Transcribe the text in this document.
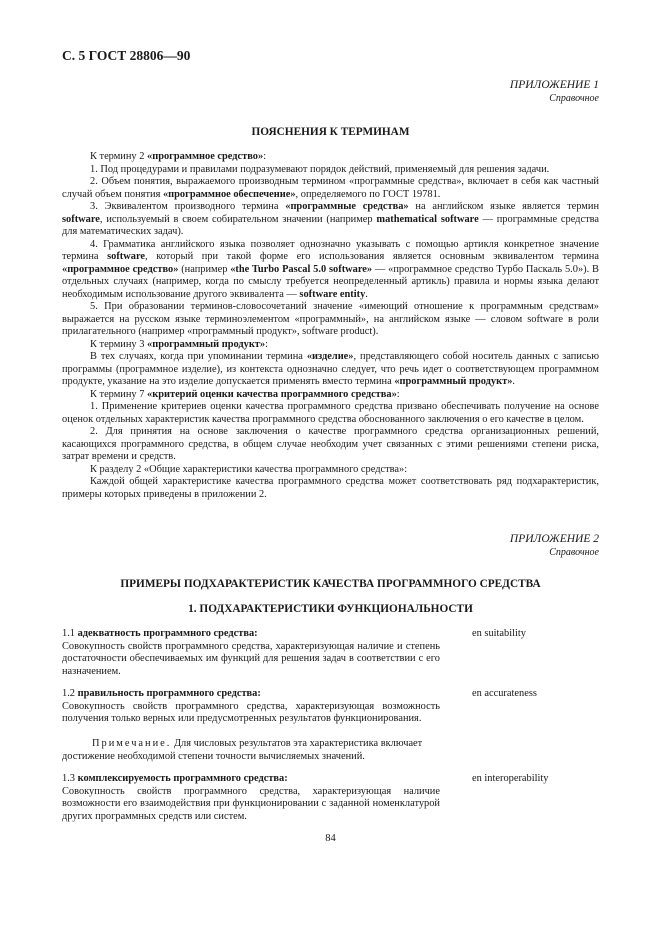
С. 5 ГОСТ 28806—90
ПРИЛОЖЕНИЕ 1
Справочное
ПОЯСНЕНИЯ К ТЕРМИНАМ

К термину 2 «программное средство»:

1. Под процедурами и правилами подразумевают порядок действий, применяемый для решения задачи.

2. Объем понятия, выражаемого производным термином «программные средства», включает в себя как частный случай объем понятия «программное обеспечение», определяемого по ГОСТ 19781.

3. Эквивалентом производного термина «программные средства» на английском языке является термин software, используемый в своем собирательном значении (например mathematical software — программные средства для математических задач).

4. Грамматика английского языка позволяет однозначно указывать с помощью артикля конкретное значение термина software, который при такой форме его использования является основным эквивалентом термина «программное средство» (например «the Turbo Pascal 5.0 software» — «программное средство Турбо Паскаль 5.0»). В отдельных случаях (например, когда по смыслу требуется неопределенный артикль) правила и нормы языка делают необходимым использование другого эквивалента — software entity.

5. При образовании терминов-словосочетаний значение «имеющий отношение к программным средствам» выражается на русском языке терминоэлементом «программный», на английском языке — словом software в роли прилагательного (например «программный продукт», software product).

К термину 3 «программный продукт»:

В тех случаях, когда при упоминании термина «изделие», представляющего собой носитель данных с записью программы (программное изделие), из контекста однозначно следует, что речь идет о соответствующем программном продукте, указание на это изделие допускается применять вместо термина «программный продукт».

К термину 7 «критерий оценки качества программного средства»:

1. Применение критериев оценки качества программного средства призвано обеспечивать получение на основе оценок отдельных характеристик качества программного средства обоснованного заключения о его качестве в целом.

2. Для принятия на основе заключения о качестве программного средства организационных решений, касающихся программного средства, в общем случае необходим учет связанных с этими решениями степени риска, затрат времени и средств.

К разделу 2 «Общие характеристики качества программного средства»:

Каждой общей характеристике качества программного средства может соответствовать ряд подхарактеристик, примеры которых приведены в приложении 2.

ПРИЛОЖЕНИЕ 2
Справочное
ПРИМЕРЫ ПОДХАРАКТЕРИСТИК КАЧЕСТВА ПРОГРАММНОГО СРЕДСТВА
1. ПОДХАРАКТЕРИСТИКИ ФУНКЦИОНАЛЬНОСТИ
1.1 адекватность программного средства:
Совокупность свойств программного средства, характеризующая наличие и степень достаточности обеспечиваемых им функций для решения задач в соответствии с его назначением.
en suitability
1.2 правильность программного средства:
Совокупность свойств программного средства, характеризующая возможность получения только верных или предусмотренных результатов функционирования.
en accurateness
Примечание. Для числовых результатов эта характеристика включает достижение необходимой степени точности вычисляемых значений.
1.3 комплексируемость программного средства:
Совокупность свойств программного средства, характеризующая наличие возможности его взаимодействия при функционировании с заданной номенклатурой других программных средств или систем.
en interoperability
84
